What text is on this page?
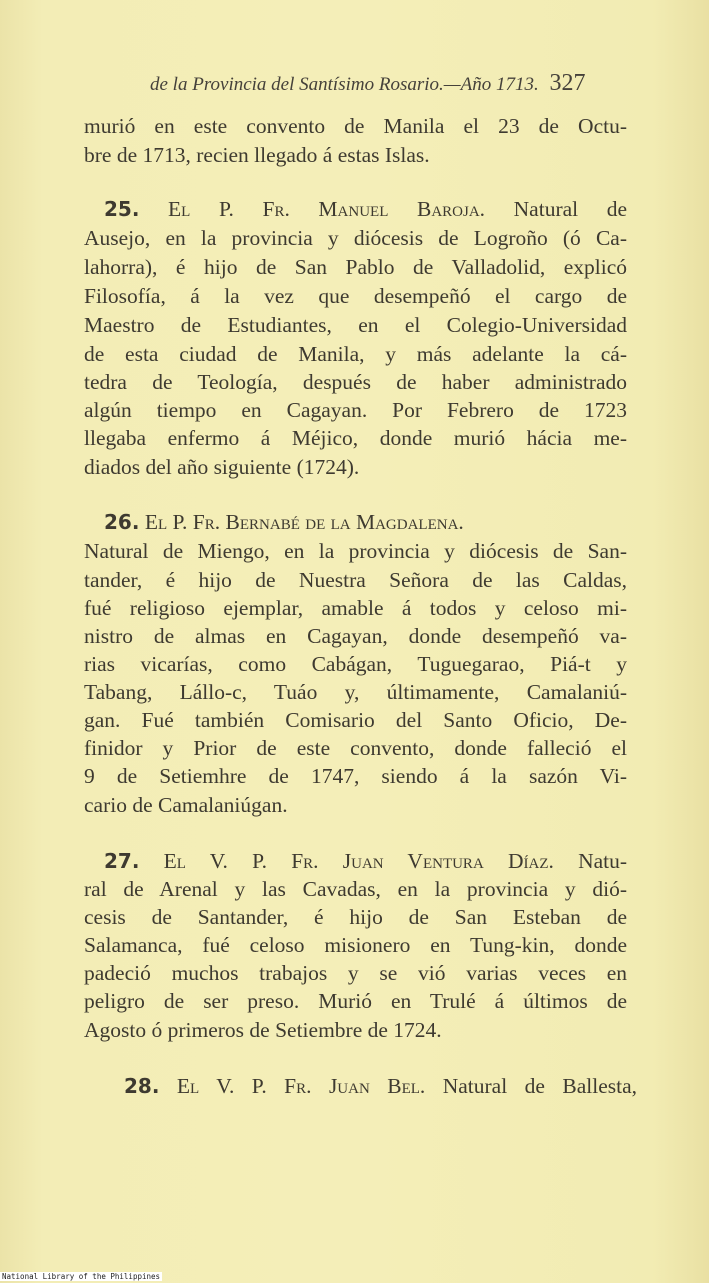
de la Provincia del Santísimo Rosario.—Año 1713. 327
murió en este convento de Manila el 23 de Octu-
bre de 1713, recien llegado á estas Islas.
25. El P. Fr. Manuel Baroja. Natural de
Ausejo, en la provincia y diócesis de Logroño (ó Ca-
lahorra), é hijo de San Pablo de Valladolid, explicó
Filosofía, á la vez que desempeñó el cargo de
Maestro de Estudiantes, en el Colegio-Universidad
de esta ciudad de Manila, y más adelante la cá-
tedra de Teología, después de haber administrado
algún tiempo en Cagayan. Por Febrero de 1723
llegaba enfermo á Méjico, donde murió hácia me-
diados del año siguiente (1724).
26. El P. Fr. Bernabé de la Magdalena.
Natural de Miengo, en la provincia y diócesis de San-
tander, é hijo de Nuestra Señora de las Caldas,
fué religioso ejemplar, amable á todos y celoso mi-
nistro de almas en Cagayan, donde desempeñó va-
rias vicarías, como Cabágan, Tuguegarao, Piá-t y
Tabang, Lállo-c, Tuáo y, últimamente, Camalaniú-
gan. Fué también Comisario del Santo Oficio, De-
finidor y Prior de este convento, donde falleció el
9 de Setiemhre de 1747, siendo á la sazón Vi-
cario de Camalaniúgan.
27. El V. P. Fr. Juan Ventura Díaz. Natu-
ral de Arenal y las Cavadas, en la provincia y dió-
cesis de Santander, é hijo de San Esteban de
Salamanca, fué celoso misionero en Tung-kin, donde
padeció muchos trabajos y se vió varias veces en
peligro de ser preso. Murió en Trulé á últimos de
Agosto ó primeros de Setiembre de 1724.
28. El V. P. Fr. Juan Bel. Natural de Ballesta,
National Library of the Philippines
